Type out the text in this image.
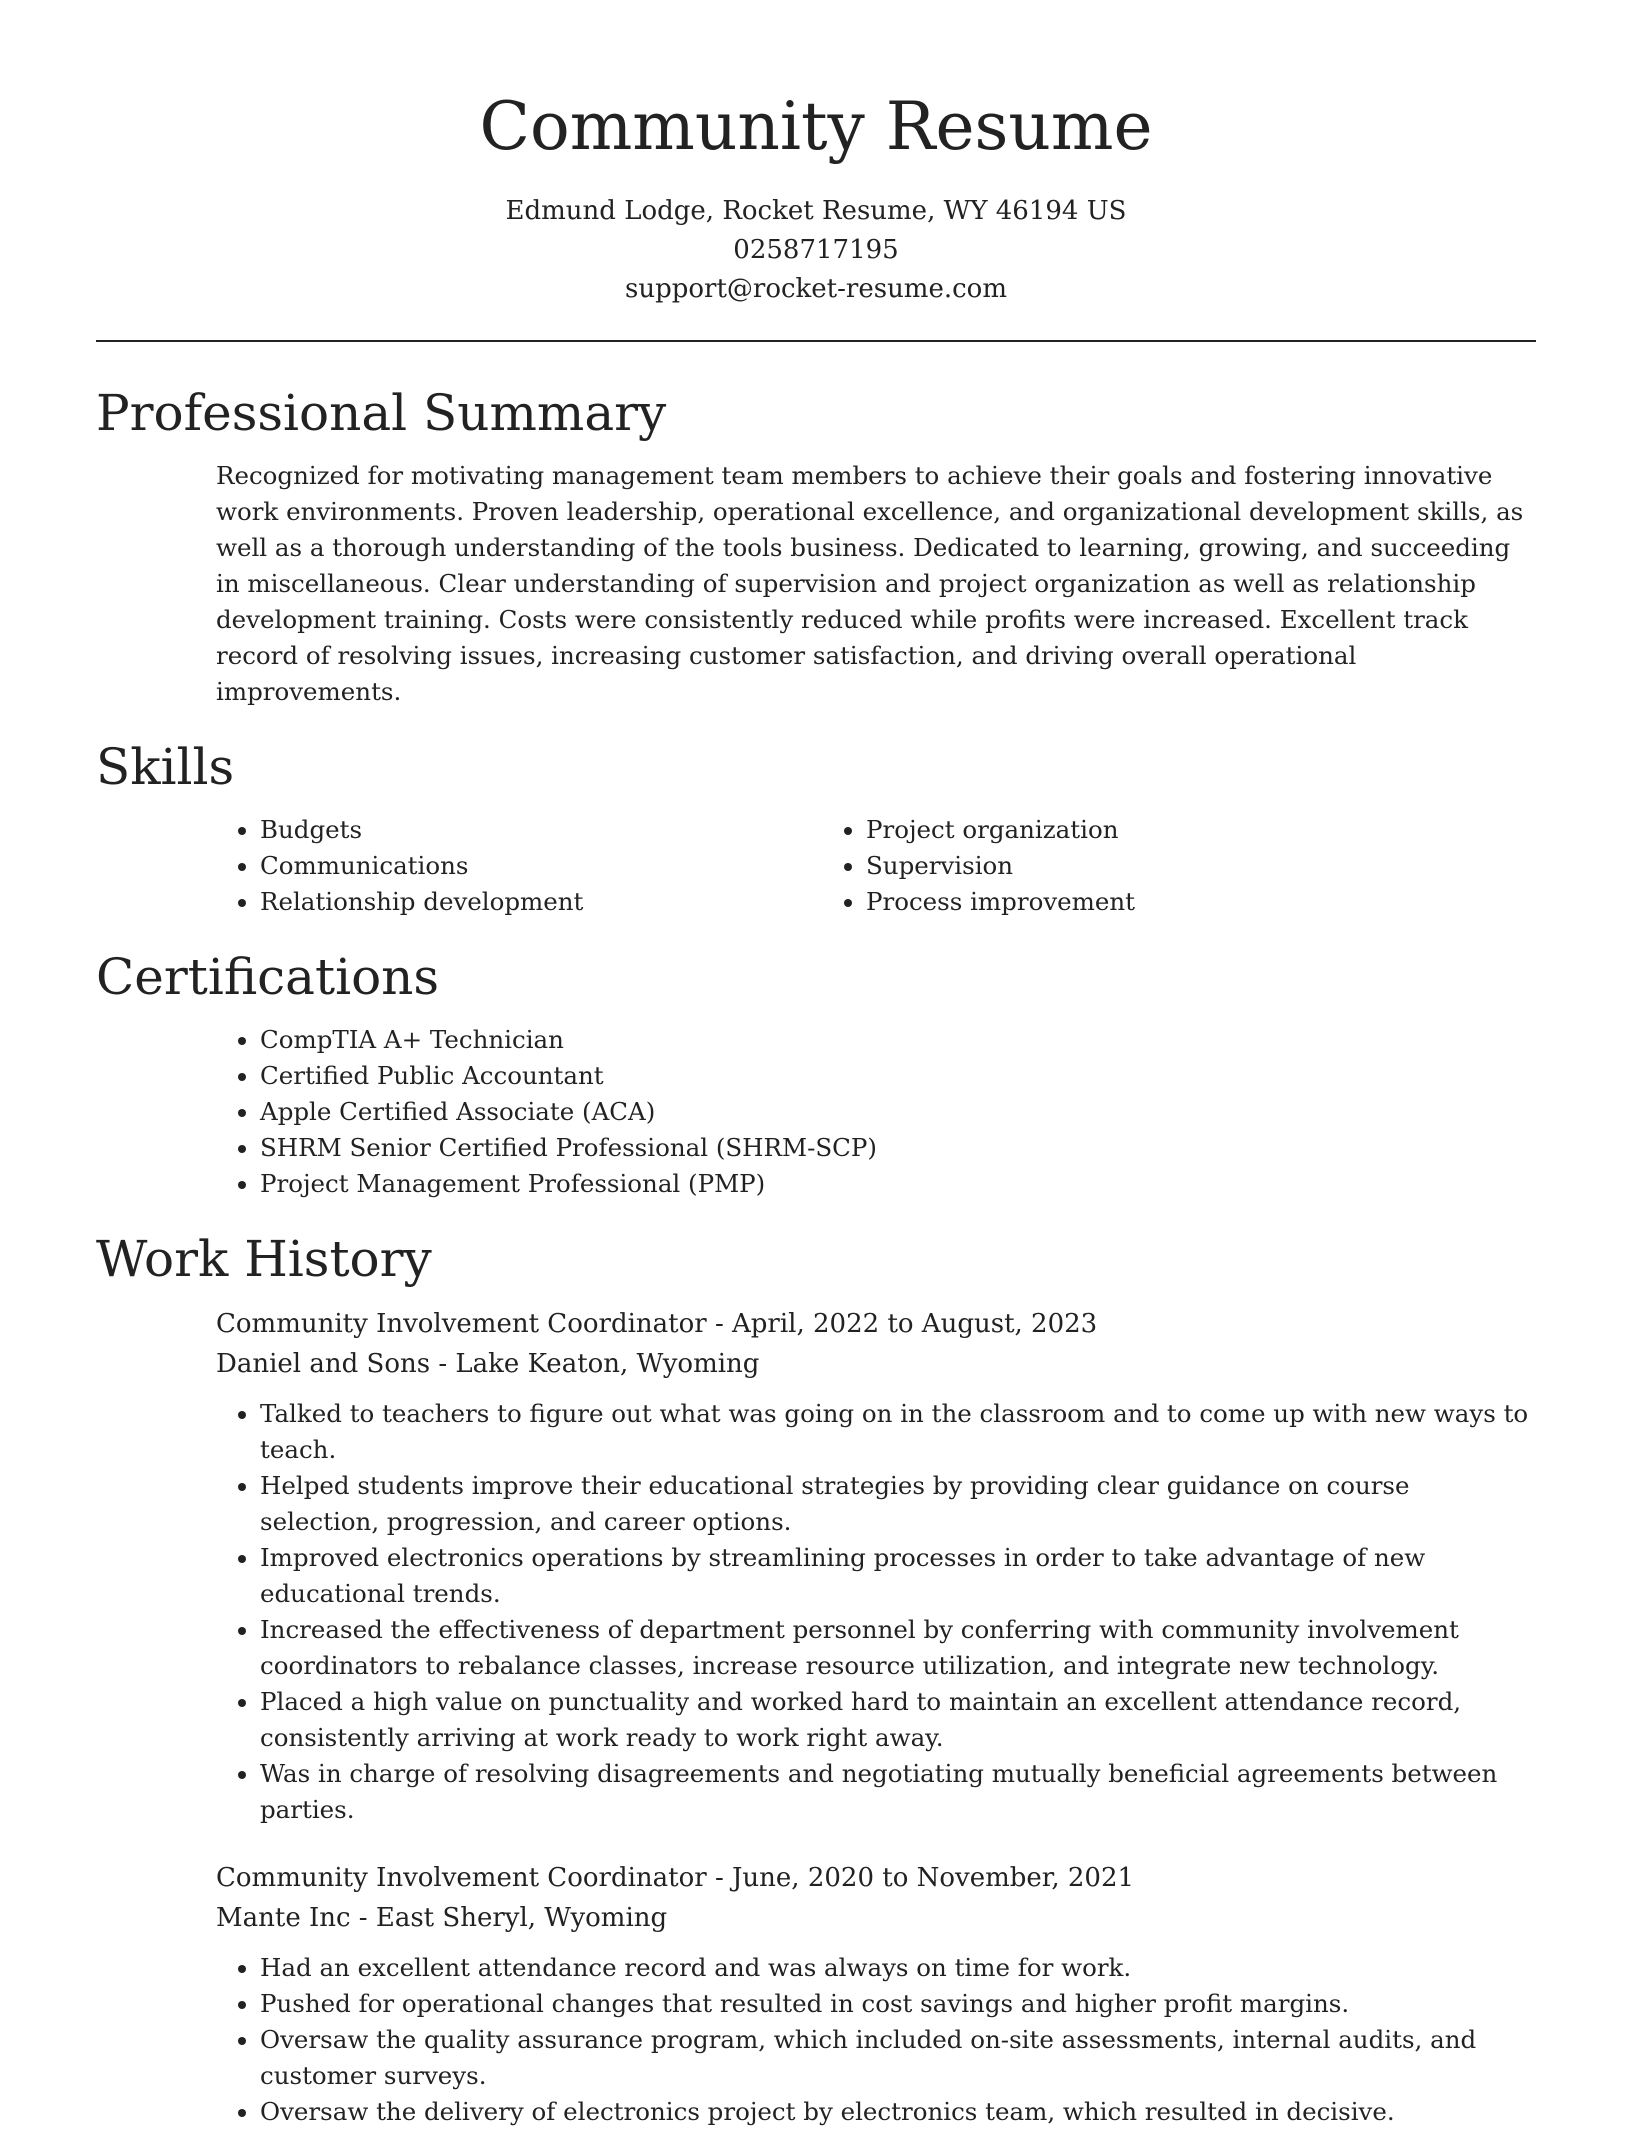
Community Resume
Edmund Lodge, Rocket Resume, WY 46194 US
0258717195
support@rocket-resume.com
Professional Summary

Recognized for motivating management team members to achieve their goals and fostering innovative work environments. Proven leadership, operational excellence, and organizational development skills, as well as a thorough understanding of the tools business. Dedicated to learning, growing, and succeeding in miscellaneous. Clear understanding of supervision and project organization as well as relationship development training. Costs were consistently reduced while profits were increased. Excellent track record of resolving issues, increasing customer satisfaction, and driving overall operational improvements.

Skills
• Budgets
• Communications
• Relationship development
• Project organization
• Supervision
• Process improvement
Certifications
• CompTIA A+ Technician
• Certified Public Accountant
• Apple Certified Associate (ACA)
• SHRM Senior Certified Professional (SHRM-SCP)
• Project Management Professional (PMP)
Work History
Community Involvement Coordinator - April, 2022 to August, 2023
Daniel and Sons - Lake Keaton, Wyoming
• Talked to teachers to figure out what was going on in the classroom and to come up with new ways to teach.
• Helped students improve their educational strategies by providing clear guidance on course selection, progression, and career options.
• Improved electronics operations by streamlining processes in order to take advantage of new educational trends.
• Increased the effectiveness of department personnel by conferring with community involvement coordinators to rebalance classes, increase resource utilization, and integrate new technology.
• Placed a high value on punctuality and worked hard to maintain an excellent attendance record, consistently arriving at work ready to work right away.
• Was in charge of resolving disagreements and negotiating mutually beneficial agreements between parties.
Community Involvement Coordinator - June, 2020 to November, 2021
Mante Inc - East Sheryl, Wyoming
• Had an excellent attendance record and was always on time for work.
• Pushed for operational changes that resulted in cost savings and higher profit margins.
• Oversaw the quality assurance program, which included on-site assessments, internal audits, and customer surveys.
• Oversaw the delivery of electronics project by electronics team, which resulted in decisive.
